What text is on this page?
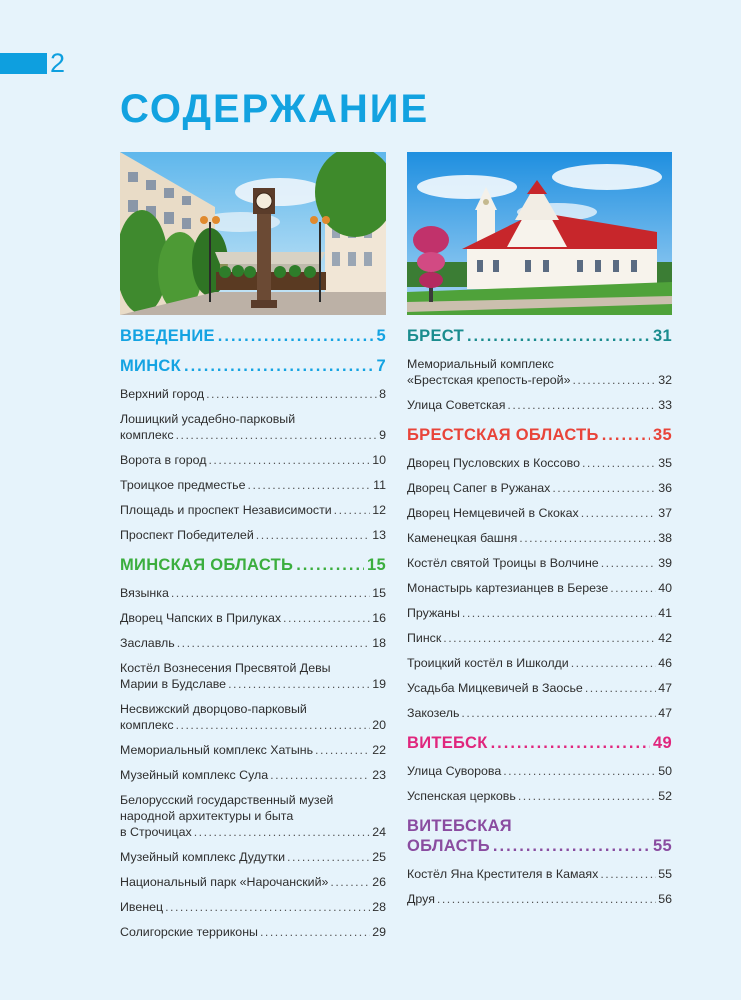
2
СОДЕРЖАНИЕ
ВВЕДЕНИЕ .....	5
МИНСК .....	7
Верхний город .....	8
Лошицкий усадебно-парковый
комплекс .....	9
Ворота в город .....	10
Троицкое предместье .....	11
Площадь и проспект Независимости .....	12
Проспект Победителей .....	13
МИНСКАЯ ОБЛАСТЬ .....	15
Вязынка .....	15
Дворец Чапских в Прилуках .....	16
Заславль .....	18
Костёл Вознесения Пресвятой Девы
Марии в Будславе .....	19
Несвижский дворцово-парковый
комплекс .....	20
Мемориальный комплекс Хатынь .....	22
Музейный комплекс Сула .....	23
Белорусский государственный музей
народной архитектуры и быта
в Строчицах .....	24
Музейный комплекс Дудутки .....	25
Национальный парк «Нарочанский» .....	26
Ивенец .....	28
Солигорские терриконы .....	29
БРЕСТ .....	31
Мемориальный комплекс
«Брестская крепость-герой» .....	32
Улица Советская .....	33
БРЕСТСКАЯ ОБЛАСТЬ .....	35
Дворец Пусловских в Коссово .....	35
Дворец Сапег в Ружанах .....	36
Дворец Немцевичей в Скоках .....	37
Каменецкая башня .....	38
Костёл святой Троицы в Волчине .....	39
Монастырь картезианцев в Березе .....	40
Пружаны .....	41
Пинск .....	42
Троицкий костёл в Ишколди .....	46
Усадьба Мицкевичей в Заосье .....	47
Закозель .....	47
ВИТЕБСК .....	49
Улица Суворова .....	50
Успенская церковь .....	52
ВИТЕБСКАЯ
ОБЛАСТЬ .....	55
Костёл Яна Крестителя в Камаях .....	55
Друя .....	56
